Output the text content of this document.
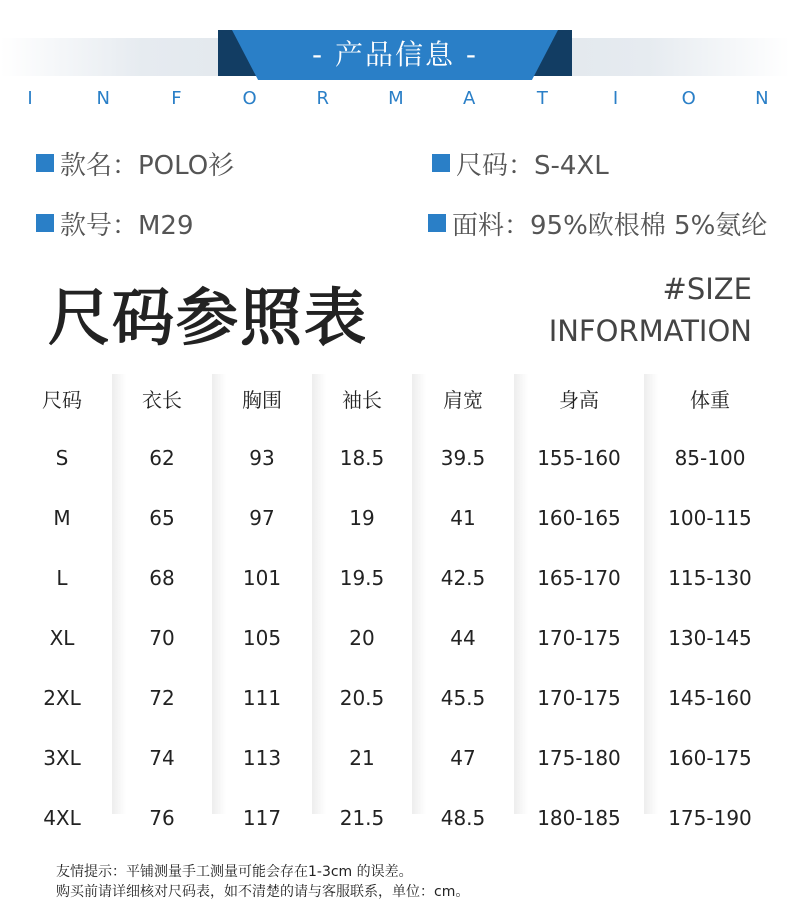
- 产品信息 -
I	N	F	O	R	M	A	T	I	O	N
款名：POLO衫	尺码：S-4XL
款号：M29	面料：95%欧根棉 5%氨纶
尺码参照表	#SIZE
INFORMATION
尺码	衣长	胸围	袖长	肩宽	身高	体重
S	62	93	18.5	39.5	155-160	85-100
M	65	97	19	41	160-165	100-115
L	68	101	19.5	42.5	165-170	115-130
XL	70	105	20	44	170-175	130-145
2XL	72	111	20.5	45.5	170-175	145-160
3XL	74	113	21	47	175-180	160-175
4XL	76	117	21.5	48.5	180-185	175-190
友情提示：平铺测量手工测量可能会存在1-3cm 的误差。
购买前请详细核对尺码表，如不清楚的请与客服联系，单位：cm。
